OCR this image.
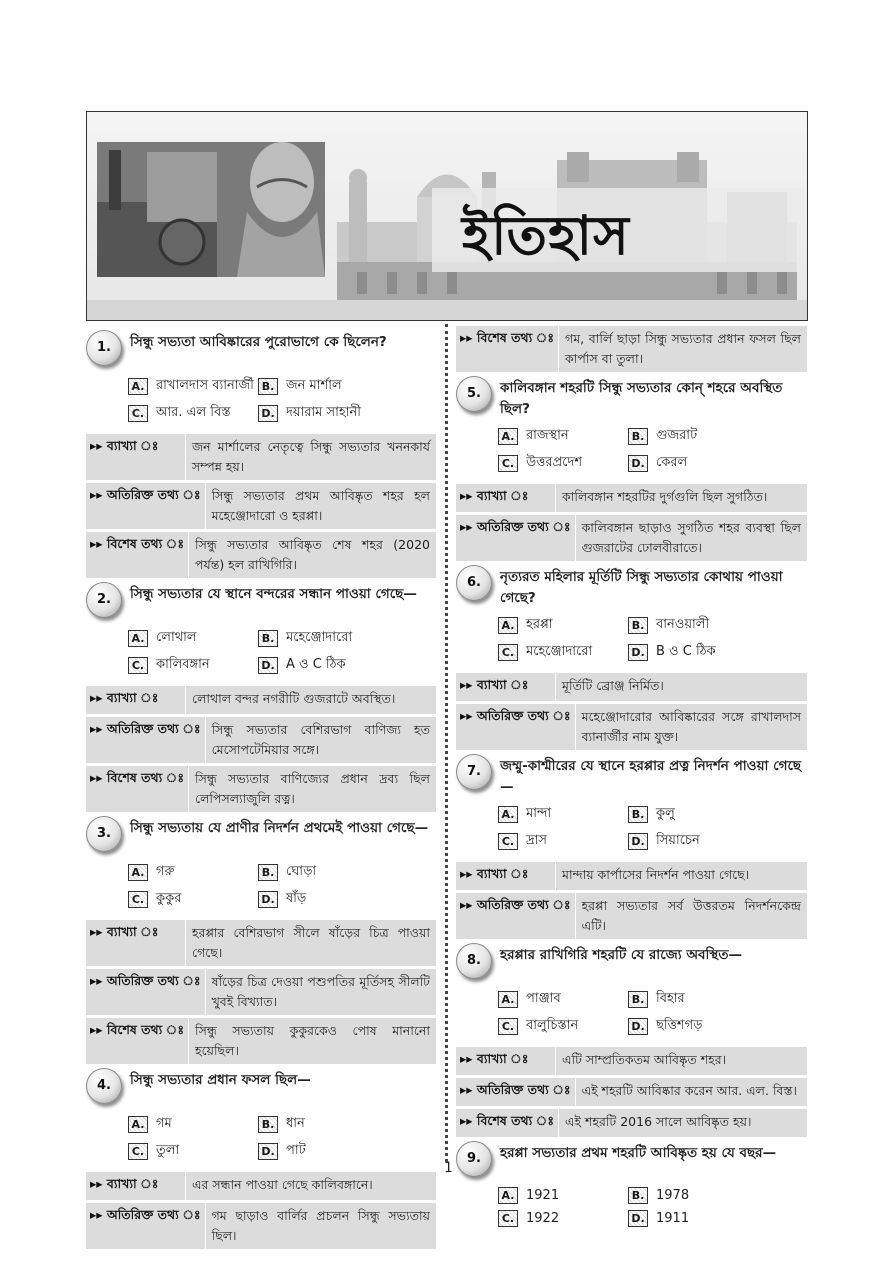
ইতিহাস
1.	সিন্ধু সভ্যতা আবিষ্কারের পুরোভাগে কে ছিলেন?
A. রাখালদাস ব্যানার্জী B. জন মার্শাল
C. আর. এল বিস্ত	D. দয়ারাম সাহানী
▸▸ ব্যাখ্যা ঃ	জন মার্শালের নেতৃত্বে সিন্ধু সভ্যতার খননকার্য সম্পন্ন হয়।
▸▸ অতিরিক্ত তথ্য ঃ সিন্ধু সভ্যতার প্রথম আবিষ্কৃত শহর হল মহেঞ্জোদারো ও হরপ্পা।
▸▸ বিশেষ তথ্য ঃ সিন্ধু সভ্যতার আবিষ্কৃত শেষ শহর (2020 পর্যন্ত) হল রাখিগিরি।
2.	সিন্ধু সভ্যতার যে স্থানে বন্দরের সন্ধান পাওয়া গেছে—
A. লোথাল	B. মহেঞ্জোদারো
C. কালিবঙ্গান	D. A ও C ঠিক
▸▸ ব্যাখ্যা ঃ	লোথাল বন্দর নগরীটি গুজরাটে অবস্থিত।
▸▸ অতিরিক্ত তথ্য ঃ সিন্ধু সভ্যতার বেশিরভাগ বাণিজ্য হত মেসোপটেমিয়ার সঙ্গে।
▸▸ বিশেষ তথ্য ঃ সিন্ধু সভ্যতার বাণিজ্যের প্রধান দ্রব্য ছিল লেপিসল্যাজুলি রত্ন।
3.	সিন্ধু সভ্যতায় যে প্রাণীর নিদর্শন প্রথমেই পাওয়া গেছে—
A. গরু	B. ঘোড়া
C. কুকুর	D. ষাঁড়
▸▸ ব্যাখ্যা ঃ	হরপ্পার বেশিরভাগ সীলে ষাঁড়ের চিত্র পাওয়া গেছে।
▸▸ অতিরিক্ত তথ্য ঃ ষাঁড়ের চিত্র দেওয়া পশুপতির মূর্তিসহ সীলটি খুবই বিখ্যাত।
▸▸ বিশেষ তথ্য ঃ সিন্ধু সভ্যতায় কুকুরকেও পোষ মানানো হয়েছিল।
4.	সিন্ধু সভ্যতার প্রধান ফসল ছিল—
A. গম	B. ধান
C. তুলা	D. পাট
▸▸ ব্যাখ্যা ঃ	এর সন্ধান পাওয়া গেছে কালিবঙ্গানে।
▸▸ অতিরিক্ত তথ্য ঃ গম ছাড়াও বার্লির প্রচলন সিন্ধু সভ্যতায় ছিল।
▸▸ বিশেষ তথ্য ঃ গম, বার্লি ছাড়া সিন্ধু সভ্যতার প্রধান ফসল ছিল কার্পাস বা তুলা।
5.	কালিবঙ্গান শহরটি সিন্ধু সভ্যতার কোন্ শহরে অবস্থিত ছিল?
A. রাজস্থান	B. গুজরাট
C. উত্তরপ্রদেশ	D. কেরল
▸▸ ব্যাখ্যা ঃ	কালিবঙ্গান শহরটির দুর্গগুলি ছিল সুগঠিত।
▸▸ অতিরিক্ত তথ্য ঃ কালিবঙ্গান ছাড়াও সুগঠিত শহর ব্যবস্থা ছিল গুজরাটের ঢোলবীরাতে।
6.	নৃত্যরত মহিলার মূর্তিটি সিন্ধু সভ্যতার কোথায় পাওয়া গেছে?
A. হরপ্পা	B. বানওয়ালী
C. মহেঞ্জোদারো	D. B ও C ঠিক
▸▸ ব্যাখ্যা ঃ	মূর্তিটি ব্রোঞ্জ নির্মিত।
▸▸ অতিরিক্ত তথ্য ঃ মহেঞ্জোদারোর আবিষ্কারের সঙ্গে রাখালদাস ব্যানার্জীর নাম যুক্ত।
7.	জম্মু-কাশ্মীরের যে স্থানে হরপ্পার প্রত্ন নিদর্শন পাওয়া গেছে—
A. মান্দা	B. কুলু
C. দ্রাস	D. সিয়াচেন
▸▸ ব্যাখ্যা ঃ	মান্দায় কার্পাসের নিদর্শন পাওয়া গেছে।
▸▸ অতিরিক্ত তথ্য ঃ হরপ্পা সভ্যতার সর্ব উত্তরতম নিদর্শনকেন্দ্র এটি।
8.	হরপ্পার রাখিগিরি শহরটি যে রাজ্যে অবস্থিত—
A. পাঞ্জাব	B. বিহার
C. বালুচিস্তান	D. ছত্তিশগড়
▸▸ ব্যাখ্যা ঃ	এটি সাম্প্রতিকতম আবিষ্কৃত শহর।
▸▸ অতিরিক্ত তথ্য ঃ এই শহরটি আবিষ্কার করেন আর. এল. বিস্ত।
▸▸ বিশেষ তথ্য ঃ এই শহরটি 2016 সালে আবিষ্কৃত হয়।
9.	হরপ্পা সভ্যতার প্রথম শহরটি আবিষ্কৃত হয় যে বছর—
A. 1921	B. 1978
C. 1922	D. 1911
1
